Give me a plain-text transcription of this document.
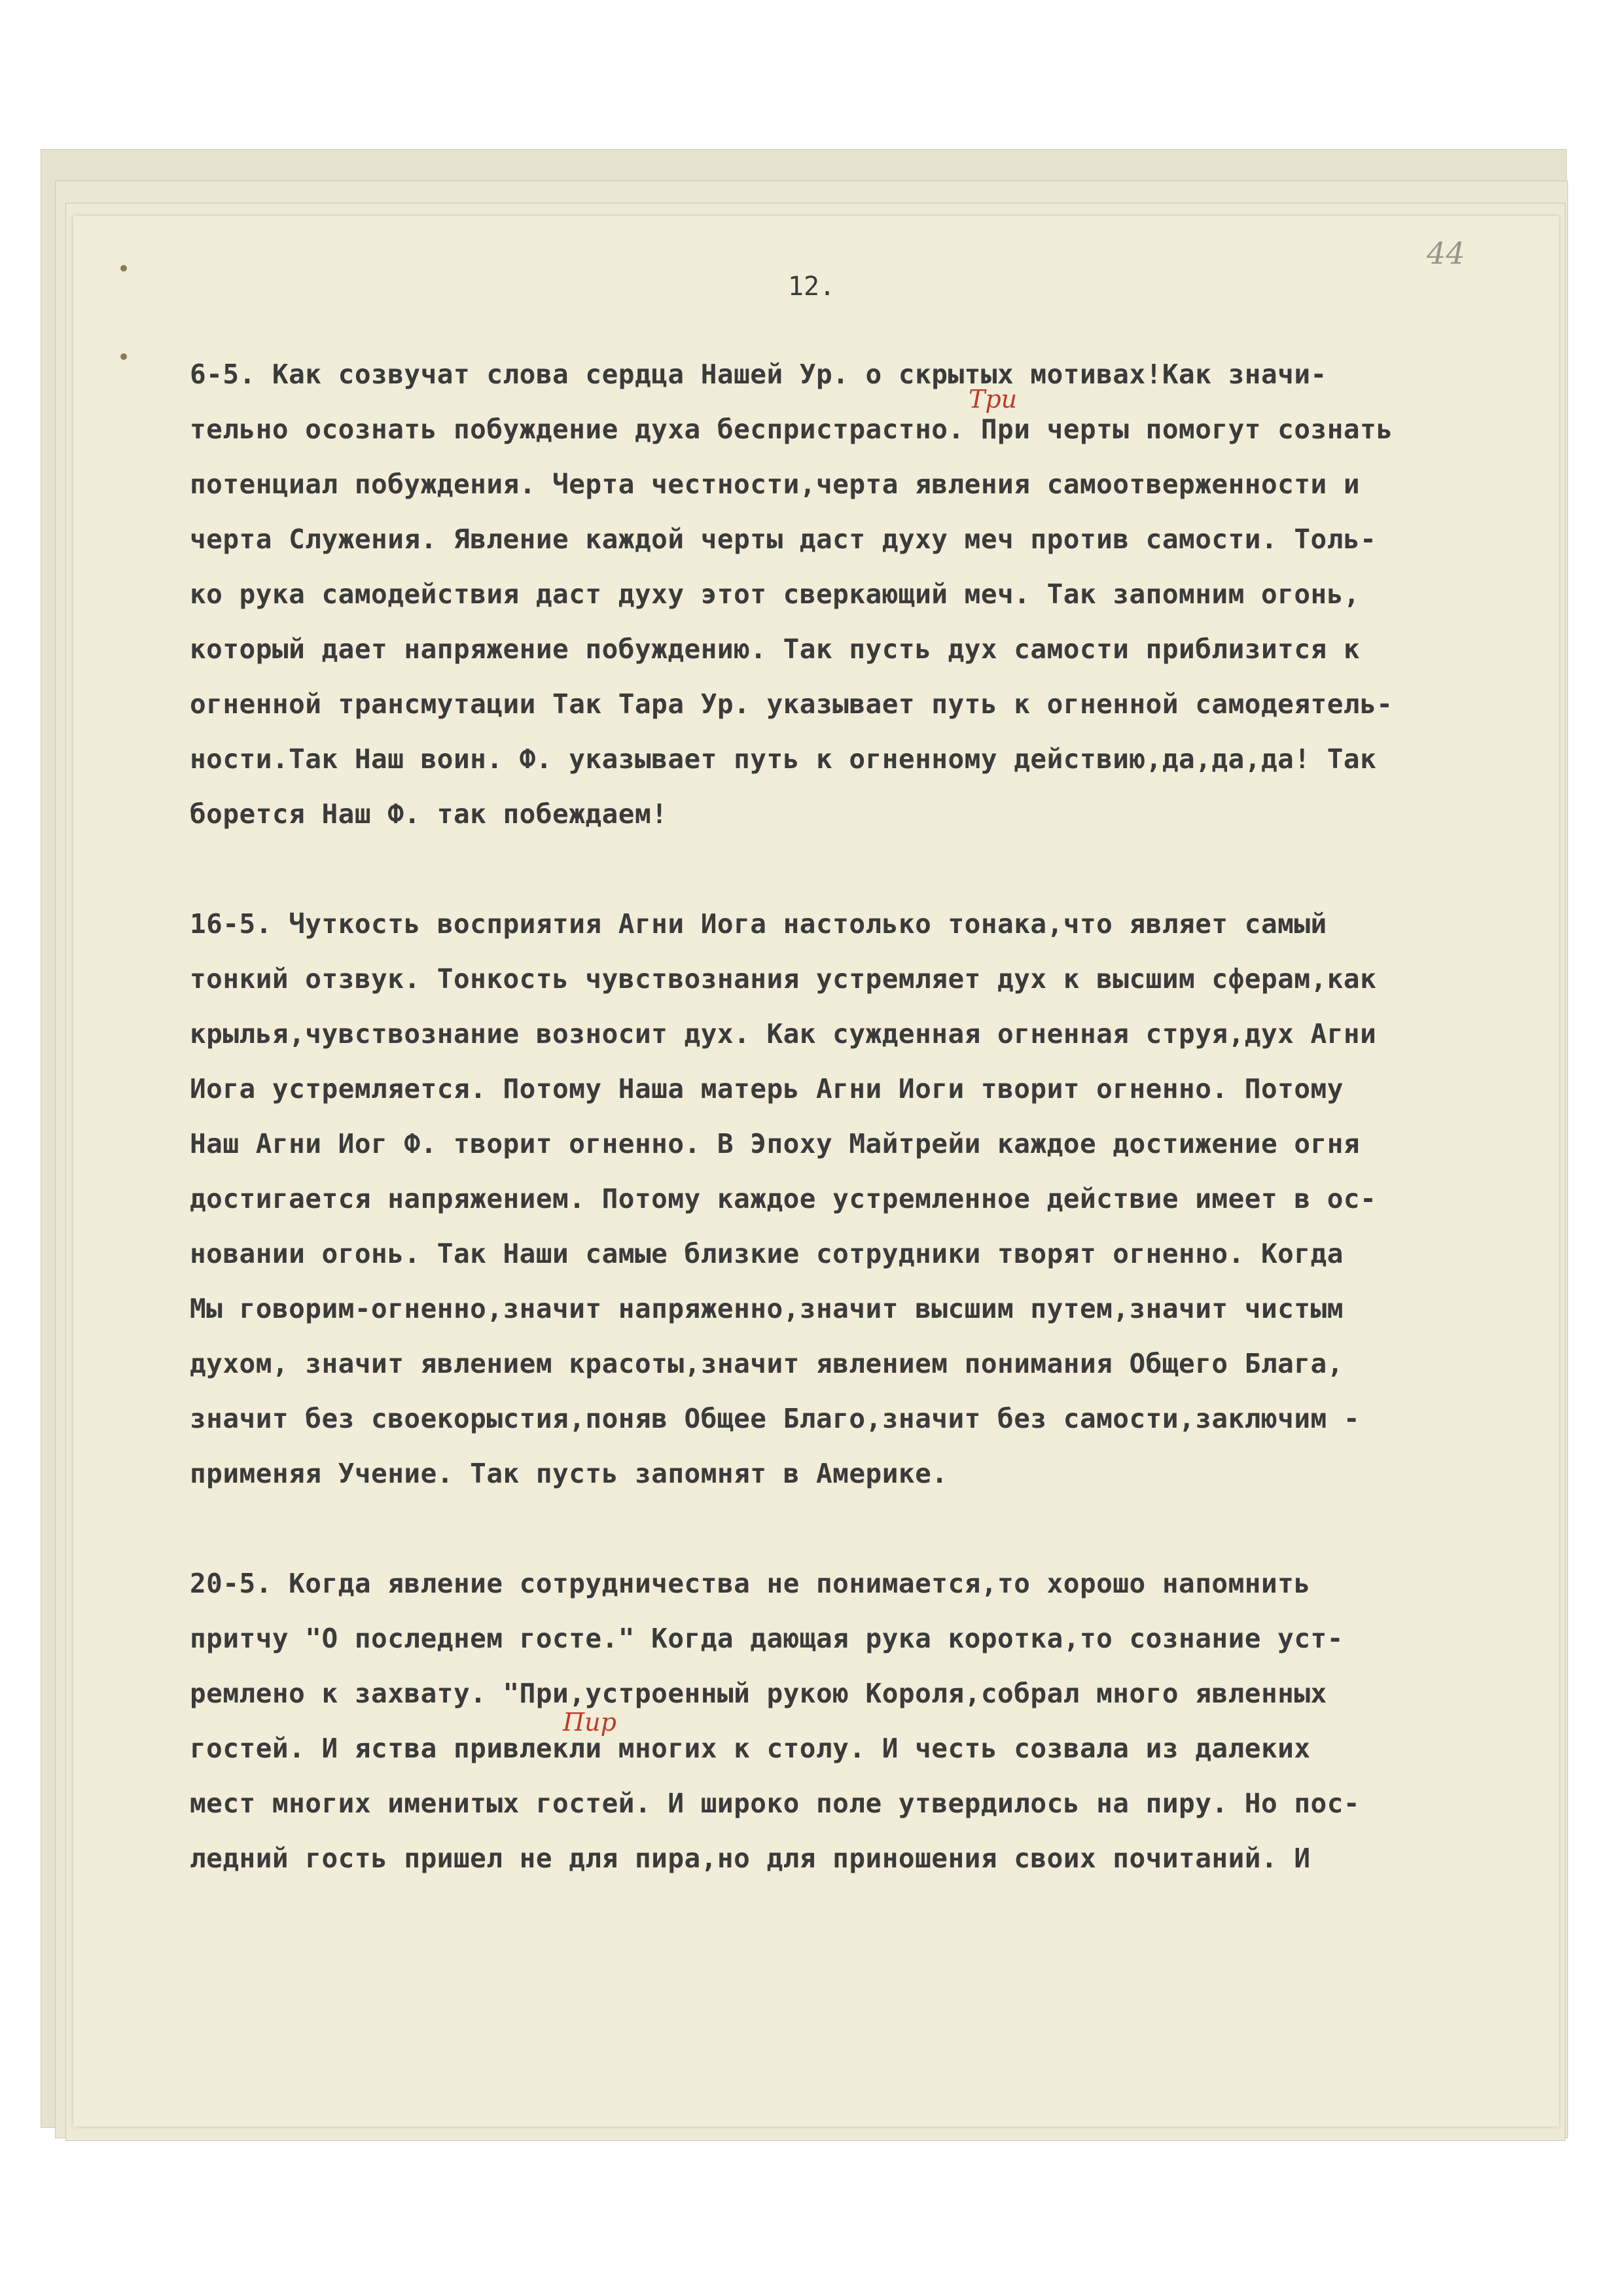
44
12.

6-5. Как созвучат слова сердца Нашей Ур. о скрытых мотивах!Как значи-

тельно осознать побуждение духа беспристрастно. При черты помогут сознать

потенциал побуждения. Черта честности,черта явления самоотверженности и

черта Служения. Явление каждой черты даст духу меч против самости. Толь-

ко рука самодействия даст духу этот сверкающий меч. Так запомним огонь,

который дает напряжение побуждению. Так пусть дух самости приблизится к

огненной трансмутации Так Тара Ур. указывает путь к огненной самодеятель-

ности.Так Наш воин. Ф. указывает путь к огненному действию,да,да,да! Так

борется Наш Ф. так побеждаем!

16-5. Чуткость восприятия Агни Иога настолько тонака,что являет самый

тонкий отзвук. Тонкость чувствознания устремляет дух к высшим сферам,как

крылья,чувствознание возносит дух. Как сужденная огненная струя,дух Агни

Иога устремляется. Потому Наша матерь Агни Иоги творит огненно. Потому

Наш Агни Иог Ф. творит огненно. В Эпоху Майтрейи каждое достижение огня

достигается напряжением. Потому каждое устремленное действие имеет в ос-

новании огонь. Так Наши самые близкие сотрудники творят огненно. Когда

Мы говорим-огненно,значит напряженно,значит высшим путем,значит чистым

духом, значит явлением красоты,значит явлением понимания Общего Блага,

значит без своекорыстия,поняв Общее Благо,значит без самости,заключим -

применяя Учение. Так пусть запомнят в Америке.

20-5. Когда явление сотрудничества не понимается,то хорошо напомнить

притчу "О последнем госте." Когда дающая рука коротка,то сознание уст-

ремлено к захвату. "При,устроенный рукою Короля,собрал много явленных

гостей. И яства привлекли многих к столу. И честь созвала из далеких

мест многих именитых гостей. И широко поле утвердилось на пиру. Но пос-

ледний гость пришел не для пира,но для приношения своих почитаний. И

Три
Пир
